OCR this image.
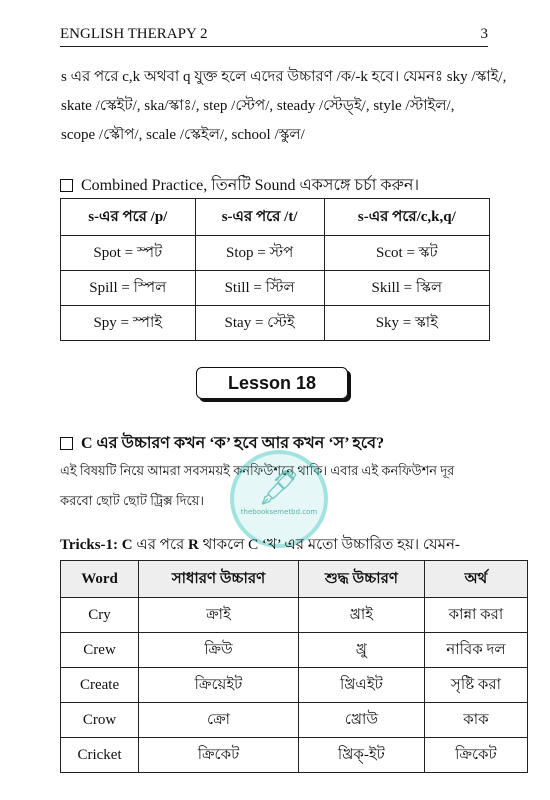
ENGLISH THERAPY 2	3

s এর পরে c,k অথবা q যুক্ত হলে এদের উচ্চারণ /ক/-k হবে। যেমনঃ sky /স্কাই/,

skate /স্কেইট/, ska/স্কাঃ/, step /স্টেপ/, steady /স্টেড্ই/, style /স্টাইল/,

scope /স্কৌপ/, scale /স্কেইল/, school /স্কুল/

Combined Practice, তিনটি Sound একসঙ্গে চর্চা করুন।
s-এর পরে /p/	s-এর পরে /t/	s-এর পরে/c,k,q/
Spot = স্পট	Stop = স্টপ	Scot = স্কট
Spill = স্পিল	Still = স্টিল	Skill = স্কিল
Spy = স্পাই	Stay = স্টেই	Sky = স্কাই
Lesson 18
C এর উচ্চারণ কখন ‘ক’ হবে আর কখন ‘স’ হবে?

এই বিষয়টি নিয়ে আমরা সবসময়ই কনফিউশনে থাকি। এবার এই কনফিউশন দূর

করবো ছোট ছোট ট্রিক্স দিয়ে।	🖋
thebooksemetbd.com
Tricks-1: C এর পরে R থাকলে C ‘খ’ এর মতো উচ্চারিত হয়। যেমন-
Word	সাধারণ উচ্চারণ	শুদ্ধ উচ্চারণ	অর্থ
Cry	ক্রাই	খ্রাই	কান্না করা
Crew	ক্রিউ	খ্রু	নাবিক দল
Create	ক্রিয়েইট	খ্রিএইট	সৃষ্টি করা
Crow	ক্রো	খ্রোউ	কাক
Cricket	ক্রিকেট	খ্রিক্-ইট	ক্রিকেট
